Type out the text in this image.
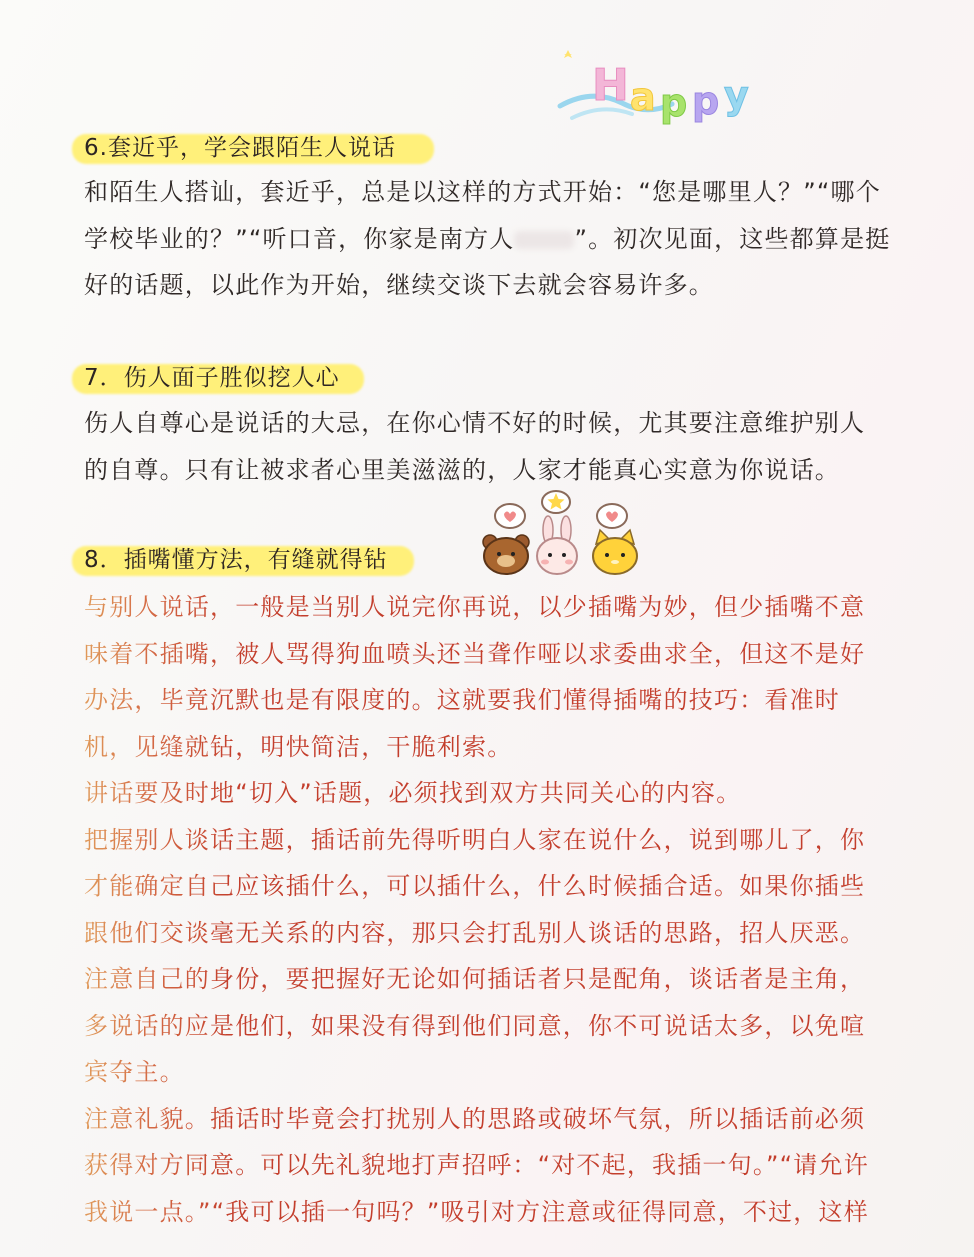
H a p p y
6.套近乎，学会跟陌生人说话
和陌生人搭讪，套近乎，总是以这样的方式开始：“您是哪里人？”“哪个
学校毕业的？”“听口音，你家是南方人	”。初次见面，这些都算是挺
好的话题，以此作为开始，继续交谈下去就会容易许多。
7．伤人面子胜似挖人心
伤人自尊心是说话的大忌，在你心情不好的时候，尤其要注意维护别人
的自尊。只有让被求者心里美滋滋的，人家才能真心实意为你说话。
8．插嘴懂方法，有缝就得钻
与别人说话，一般是当别人说完你再说，以少插嘴为妙，但少插嘴不意
味着不插嘴，被人骂得狗血喷头还当聋作哑以求委曲求全，但这不是好
办法，毕竟沉默也是有限度的。这就要我们懂得插嘴的技巧：看准时
机，见缝就钻，明快简洁，干脆利索。
讲话要及时地“切入”话题，必须找到双方共同关心的内容。
把握别人谈话主题，插话前先得听明白人家在说什么，说到哪儿了，你
才能确定自己应该插什么，可以插什么，什么时候插合适。如果你插些
跟他们交谈毫无关系的内容，那只会打乱别人谈话的思路，招人厌恶。
注意自己的身份，要把握好无论如何插话者只是配角，谈话者是主角，
多说话的应是他们，如果没有得到他们同意，你不可说话太多，以免喧
宾夺主。
注意礼貌。插话时毕竟会打扰别人的思路或破坏气氛，所以插话前必须
获得对方同意。可以先礼貌地打声招呼：“对不起，我插一句。”“请允许
我说一点。”“我可以插一句吗？”吸引对方注意或征得同意，不过，这样
